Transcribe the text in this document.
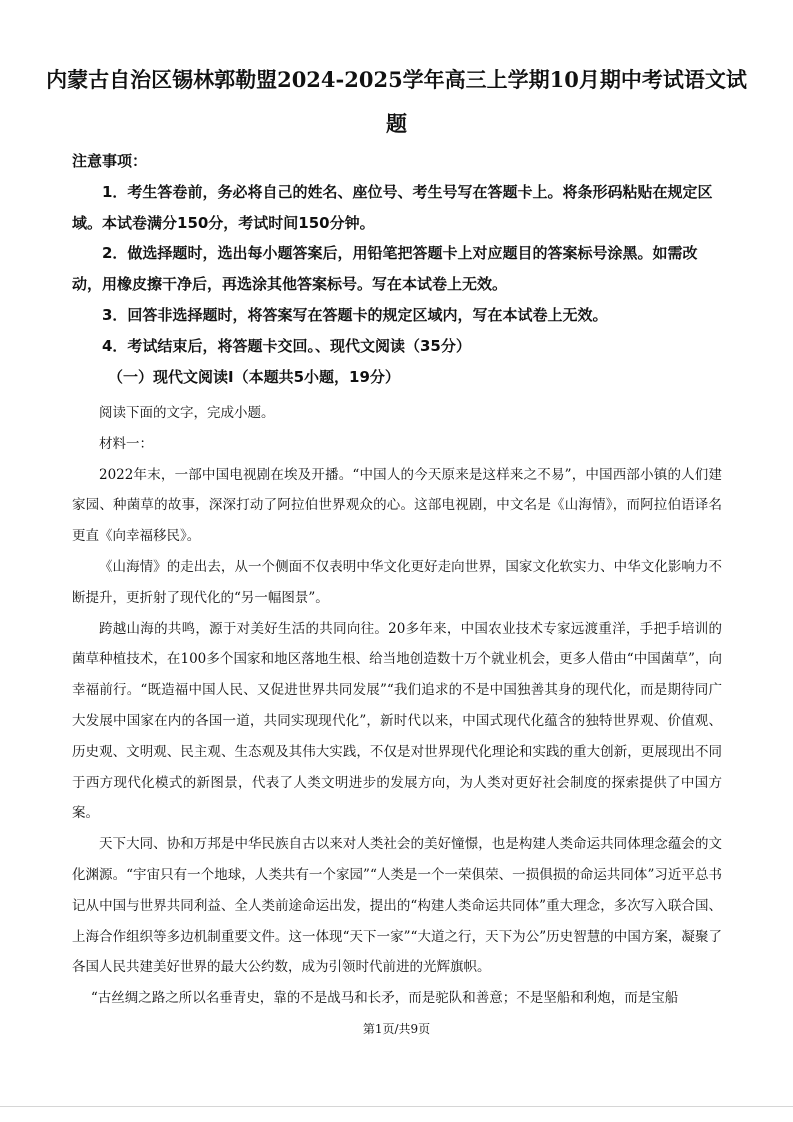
内蒙古自治区锡林郭勒盟2024-2025学年高三上学期10月期中考试语文试题
注意事项：

1．考生答卷前，务必将自己的姓名、座位号、考生号写在答题卡上。将条形码粘贴在规定区域。本试卷满分150分，考试时间150分钟。

2．做选择题时，选出每小题答案后，用铅笔把答题卡上对应题目的答案标号涂黑。如需改动，用橡皮擦干净后，再选涂其他答案标号。写在本试卷上无效。

3．回答非选择题时，将答案写在答题卡的规定区域内，写在本试卷上无效。

4．考试结束后，将答题卡交回。、现代文阅读（35分）

（一）现代文阅读Ⅰ（本题共5小题，19分）

阅读下面的文字，完成小题。

材料一：

2022年末，一部中国电视剧在埃及开播。“中国人的今天原来是这样来之不易”，中国西部小镇的人们建家园、种菌草的故事，深深打动了阿拉伯世界观众的心。这部电视剧，中文名是《山海情》，而阿拉伯语译名更直《向幸福移民》。

《山海情》的走出去，从一个侧面不仅表明中华文化更好走向世界，国家文化软实力、中华文化影响力不断提升，更折射了现代化的“另一幅图景”。

跨越山海的共鸣，源于对美好生活的共同向往。20多年来，中国农业技术专家远渡重洋，手把手培训的菌草种植技术，在100多个国家和地区落地生根、给当地创造数十万个就业机会，更多人借由“中国菌草”，向幸福前行。“既造福中国人民、又促进世界共同发展”“我们追求的不是中国独善其身的现代化，而是期待同广大发展中国家在内的各国一道，共同实现现代化”，新时代以来，中国式现代化蕴含的独特世界观、价值观、历史观、文明观、民主观、生态观及其伟大实践，不仅是对世界现代化理论和实践的重大创新，更展现出不同于西方现代化模式的新图景，代表了人类文明进步的发展方向，为人类对更好社会制度的探索提供了中国方案。

天下大同、协和万邦是中华民族自古以来对人类社会的美好憧憬，也是构建人类命运共同体理念蕴会的文化渊源。“宇宙只有一个地球，人类共有一个家园”“人类是一个一荣俱荣、一损俱损的命运共同体”习近平总书记从中国与世界共同利益、全人类前途命运出发，提出的“构建人类命运共同体”重大理念，多次写入联合国、上海合作组织等多边机制重要文件。这一体现“天下一家”“大道之行，天下为公”历史智慧的中国方案，凝聚了各国人民共建美好世界的最大公约数，成为引领时代前进的光辉旗帜。

“古丝绸之路之所以名垂青史，靠的不是战马和长矛，而是驼队和善意；不是坚船和利炮，而是宝船

第1页/共9页
